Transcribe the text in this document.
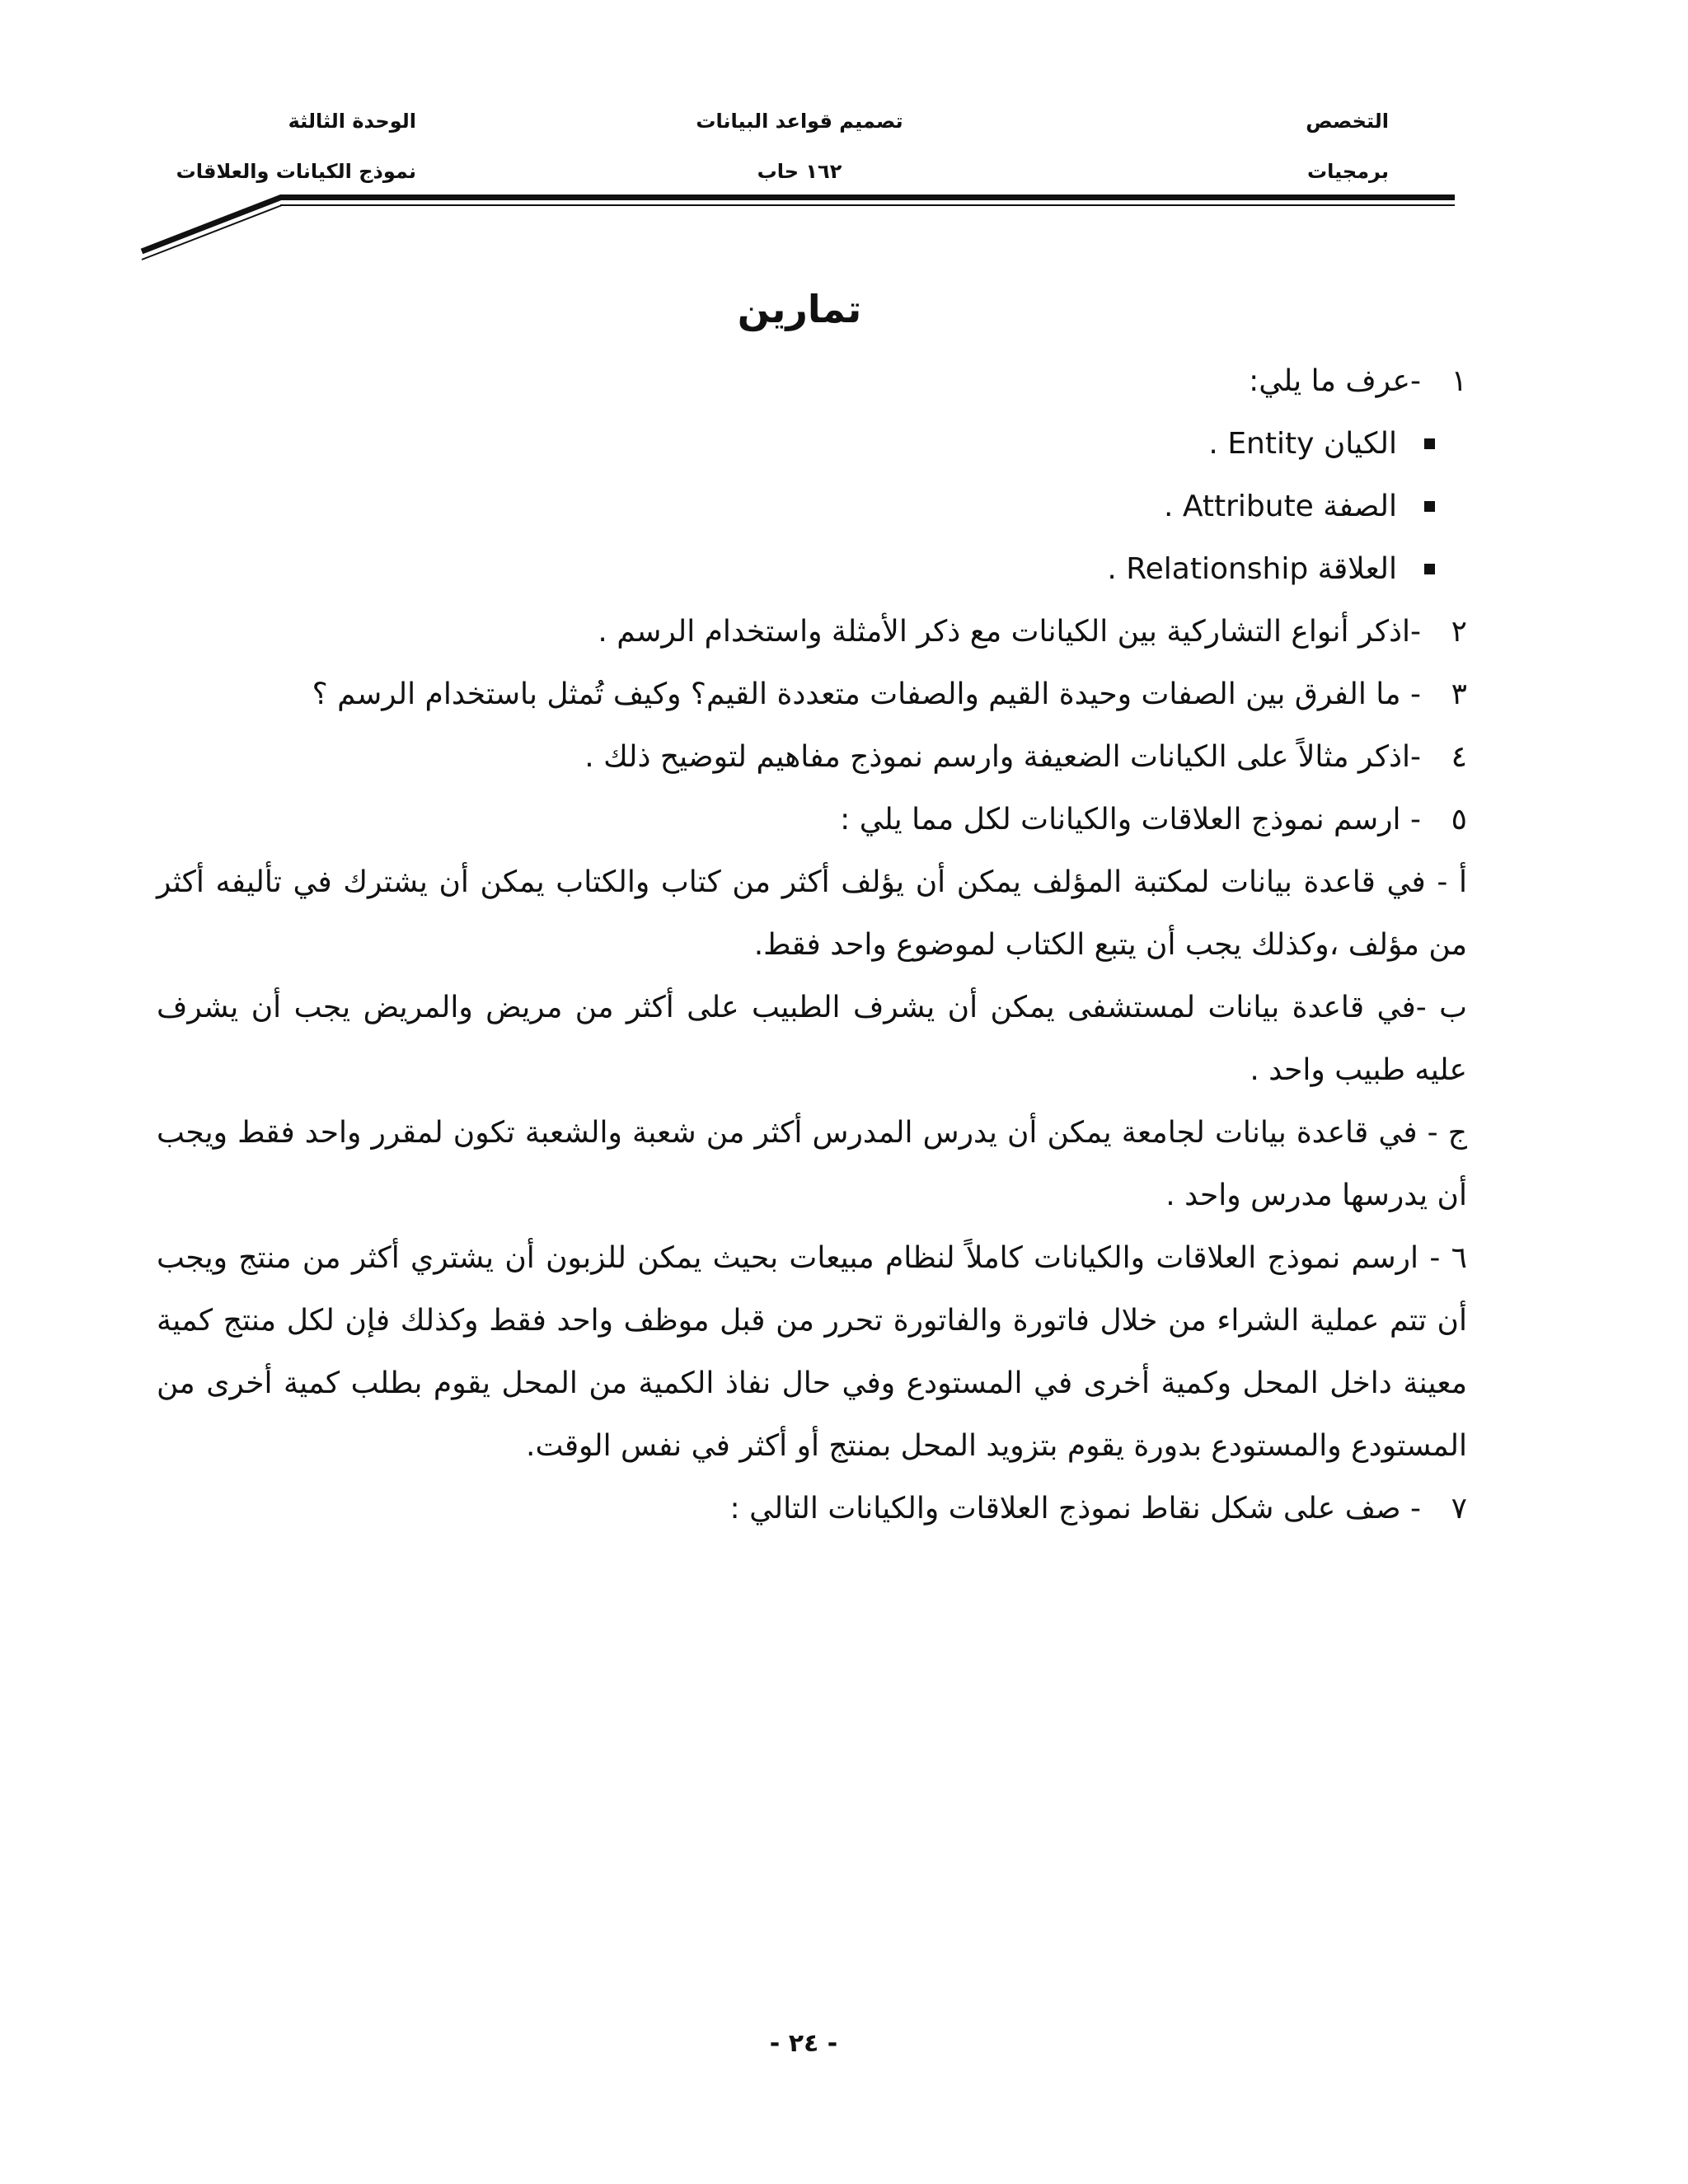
التخصص
برمجيات
تصميم قواعد البيانات
١٦٢ حاب
الوحدة الثالثة
نموذج الكيانات والعلاقات
تمارين
١-عرف ما يلي:
الكيان Entity .
الصفة Attribute .
العلاقة Relationship .
٢-اذكر أنواع التشاركية بين الكيانات مع ذكر الأمثلة واستخدام الرسم .
٣- ما الفرق بين الصفات وحيدة القيم والصفات متعددة القيم؟ وكيف تُمثل باستخدام الرسم ؟
٤-اذكر مثالاً على الكيانات الضعيفة وارسم نموذج مفاهيم لتوضيح ذلك .
٥- ارسم نموذج العلاقات والكيانات لكل مما يلي :
أ - في قاعدة بيانات لمكتبة المؤلف يمكن أن يؤلف أكثر من كتاب والكتاب يمكن أن يشترك في تأليفه أكثر من مؤلف ،وكذلك يجب أن يتبع الكتاب لموضوع واحد فقط.
ب -في قاعدة بيانات لمستشفى يمكن أن يشرف الطبيب على أكثر من مريض والمريض يجب أن يشرف عليه طبيب واحد .
ج - في قاعدة بيانات لجامعة يمكن أن يدرس المدرس أكثر من شعبة والشعبة تكون لمقرر واحد فقط ويجب أن يدرسها مدرس واحد .
٦ - ارسم نموذج العلاقات والكيانات كاملاً لنظام مبيعات بحيث يمكن للزبون أن يشتري أكثر من منتج ويجب أن تتم عملية الشراء من خلال فاتورة والفاتورة تحرر من قبل موظف واحد فقط وكذلك فإن لكل منتج كمية معينة داخل المحل وكمية أخرى في المستودع وفي حال نفاذ الكمية من المحل يقوم بطلب كمية أخرى من المستودع والمستودع بدورة يقوم بتزويد المحل بمنتج أو أكثر في نفس الوقت.
٧- صف على شكل نقاط نموذج العلاقات والكيانات التالي :
- ٢٤ -
